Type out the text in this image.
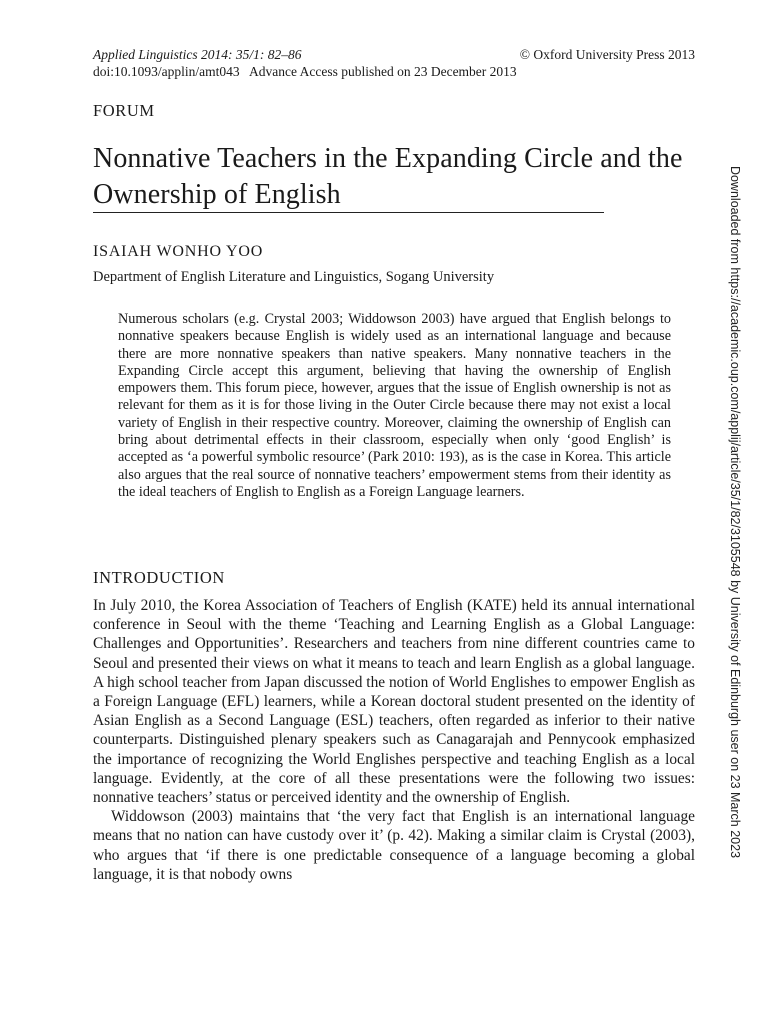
Applied Linguistics 2014: 35/1: 82–86
doi:10.1093/applin/amt043   Advance Access published on 23 December 2013
© Oxford University Press 2013
FORUM
Nonnative Teachers in the Expanding Circle and the Ownership of English
ISAIAH WONHO YOO
Department of English Literature and Linguistics, Sogang University

Numerous scholars (e.g. Crystal 2003; Widdowson 2003) have argued that English belongs to nonnative speakers because English is widely used as an international language and because there are more nonnative speakers than native speakers. Many nonnative teachers in the Expanding Circle accept this argument, believing that having the ownership of English empowers them. This forum piece, however, argues that the issue of English ownership is not as relevant for them as it is for those living in the Outer Circle because there may not exist a local variety of English in their respective country. Moreover, claiming the ownership of English can bring about detrimental effects in their classroom, especially when only ‘good English’ is accepted as ‘a powerful symbolic resource’ (Park 2010: 193), as is the case in Korea. This article also argues that the real source of nonnative teachers’ empowerment stems from their identity as the ideal teachers of English to English as a Foreign Language learners.

INTRODUCTION

In July 2010, the Korea Association of Teachers of English (KATE) held its annual international conference in Seoul with the theme ‘Teaching and Learning English as a Global Language: Challenges and Opportunities’. Researchers and teachers from nine different countries came to Seoul and presented their views on what it means to teach and learn English as a global language. A high school teacher from Japan discussed the notion of World Englishes to empower English as a Foreign Language (EFL) learners, while a Korean doctoral student presented on the identity of Asian English as a Second Language (ESL) teachers, often regarded as inferior to their native counterparts. Distinguished plenary speakers such as Canagarajah and Pennycook emphasized the importance of recognizing the World Englishes perspective and teaching English as a local language. Evidently, at the core of all these presentations were the following two issues: nonnative teachers’ status or perceived identity and the ownership of English.

Widdowson (2003) maintains that ‘the very fact that English is an international language means that no nation can have custody over it’ (p. 42). Making a similar claim is Crystal (2003), who argues that ‘if there is one predictable consequence of a language becoming a global language, it is that nobody owns

Downloaded from https://academic.oup.com/applij/article/35/1/82/3105548 by University of Edinburgh user on 23 March 2023
